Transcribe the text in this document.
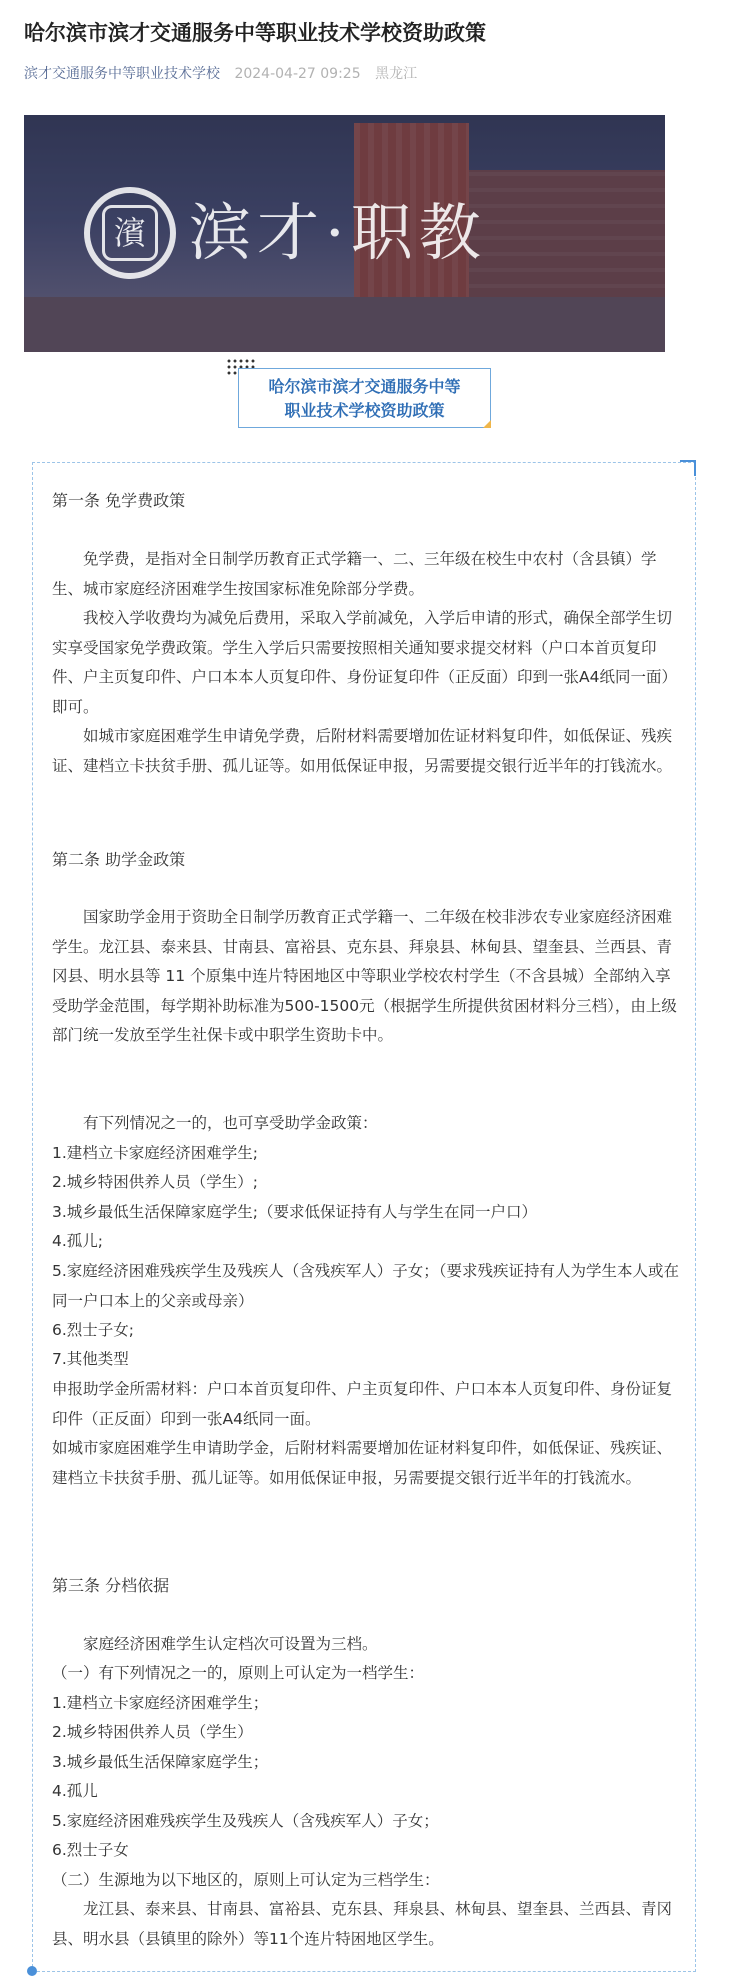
哈尔滨市滨才交通服务中等职业技术学校资助政策
滨才交通服务中等职业技术学校 2024-04-27 09:25 黑龙江
濱 滨才·职教
哈尔滨市滨才交通服务中等
职业技术学校资助政策
第一条 免学费政策
　　免学费，是指对全日制学历教育正式学籍一、二、三年级在校生中农村（含县镇）学生、城市家庭经济困难学生按国家标准免除部分学费。
　　我校入学收费均为减免后费用，采取入学前减免，入学后申请的形式，确保全部学生切实享受国家免学费政策。学生入学后只需要按照相关通知要求提交材料（户口本首页复印件、户主页复印件、户口本本人页复印件、身份证复印件（正反面）印到一张A4纸同一面）即可。
　　如城市家庭困难学生申请免学费，后附材料需要增加佐证材料复印件，如低保证、残疾证、建档立卡扶贫手册、孤儿证等。如用低保证申报，另需要提交银行近半年的打钱流水。
第二条 助学金政策
　　国家助学金用于资助全日制学历教育正式学籍一、二年级在校非涉农专业家庭经济困难学生。龙江县、泰来县、甘南县、富裕县、克东县、拜泉县、林甸县、望奎县、兰西县、青冈县、明水县等 11 个原集中连片特困地区中等职业学校农村学生（不含县城）全部纳入享受助学金范围，每学期补助标准为500-1500元（根据学生所提供贫困材料分三档），由上级部门统一发放至学生社保卡或中职学生资助卡中。
　　有下列情况之一的，也可享受助学金政策：
1.建档立卡家庭经济困难学生;
2.城乡特困供养人员（学生）;
3.城乡最低生活保障家庭学生;（要求低保证持有人与学生在同一户口）
4.孤儿;
5.家庭经济困难残疾学生及残疾人（含残疾军人）子女；（要求残疾证持有人为学生本人或在同一户口本上的父亲或母亲）
6.烈士子女;
7.其他类型
申报助学金所需材料：户口本首页复印件、户主页复印件、户口本本人页复印件、身份证复印件（正反面）印到一张A4纸同一面。
如城市家庭困难学生申请助学金，后附材料需要增加佐证材料复印件，如低保证、残疾证、建档立卡扶贫手册、孤儿证等。如用低保证申报，另需要提交银行近半年的打钱流水。
第三条 分档依据
　　家庭经济困难学生认定档次可设置为三档。
（一）有下列情况之一的，原则上可认定为一档学生：
1.建档立卡家庭经济困难学生；
2.城乡特困供养人员（学生）
3.城乡最低生活保障家庭学生；
4.孤儿
5.家庭经济困难残疾学生及残疾人（含残疾军人）子女；
6.烈士子女
（二）生源地为以下地区的，原则上可认定为三档学生：
　　龙江县、泰来县、甘南县、富裕县、克东县、拜泉县、林甸县、望奎县、兰西县、青冈县、明水县（县镇里的除外）等11个连片特困地区学生。
